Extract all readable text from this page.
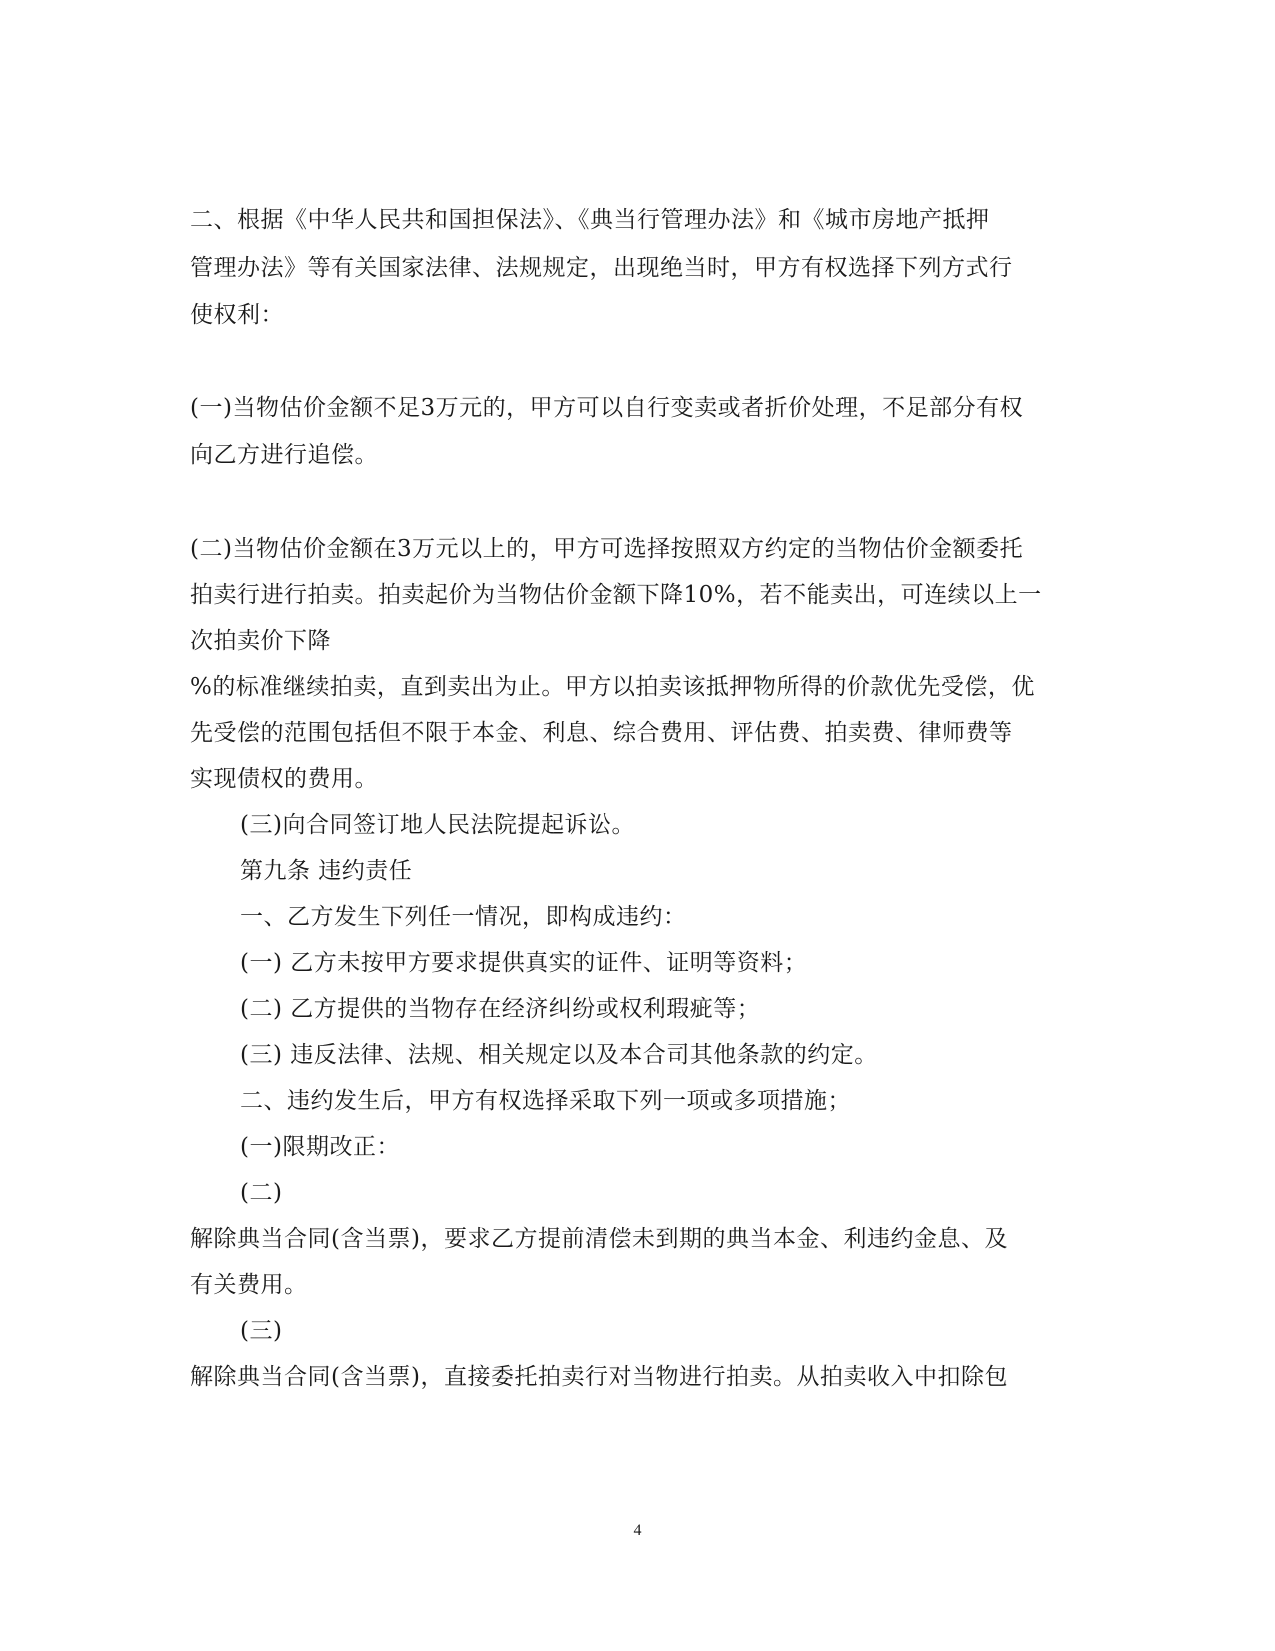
二、根据《中华人民共和国担保法》、《典当行管理办法》和《城市房地产抵押
管理办法》等有关国家法律、法规规定，出现绝当时，甲方有权选择下列方式行
使权利：
(一)当物估价金额不足3万元的，甲方可以自行变卖或者折价处理，不足部分有权
向乙方进行追偿。
(二)当物估价金额在3万元以上的，甲方可选择按照双方约定的当物估价金额委托
拍卖行进行拍卖。拍卖起价为当物估价金额下降10%，若不能卖出，可连续以上一
次拍卖价下降
%的标准继续拍卖，直到卖出为止。甲方以拍卖该抵押物所得的价款优先受偿，优
先受偿的范围包括但不限于本金、利息、综合费用、评估费、拍卖费、律师费等
实现债权的费用。
(三)向合同签订地人民法院提起诉讼。
第九条 违约责任
一、乙方发生下列任一情况，即构成违约：
(一) 乙方未按甲方要求提供真实的证件、证明等资料；
(二) 乙方提供的当物存在经济纠纷或权利瑕疵等；
(三) 违反法律、法规、相关规定以及本合司其他条款的约定。
二、违约发生后，甲方有权选择采取下列一项或多项措施；
(一)限期改正：
(二)
解除典当合同(含当票)，要求乙方提前清偿未到期的典当本金、利违约金息、及
有关费用。
(三)
解除典当合同(含当票)，直接委托拍卖行对当物进行拍卖。从拍卖收入中扣除包
4
